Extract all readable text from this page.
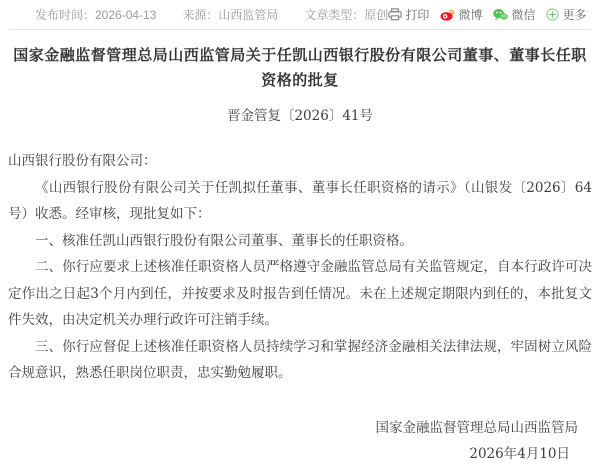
发布时间：2026-04-13 来源：山西监管局 文章类型：原创 打印 微博 微信 更多
国家金融监督管理总局山西监管局关于任凯山西银行股份有限公司董事、董事长任职资格的批复
晋金管复〔2026〕41号

山西银行股份有限公司：

《山西银行股份有限公司关于任凯拟任董事、董事长任职资格的请示》（山银发〔2026〕64号）收悉。经审核，现批复如下：

一、核准任凯山西银行股份有限公司董事、董事长的任职资格。

二、你行应要求上述核准任职资格人员严格遵守金融监管总局有关监管规定，自本行政许可决定作出之日起3个月内到任，并按要求及时报告到任情况。未在上述规定期限内到任的，本批复文件失效，由决定机关办理行政许可注销手续。

三、你行应督促上述核准任职资格人员持续学习和掌握经济金融相关法律法规，牢固树立风险合规意识，熟悉任职岗位职责，忠实勤勉履职。

国家金融监督管理总局山西监管局
2026年4月10日
